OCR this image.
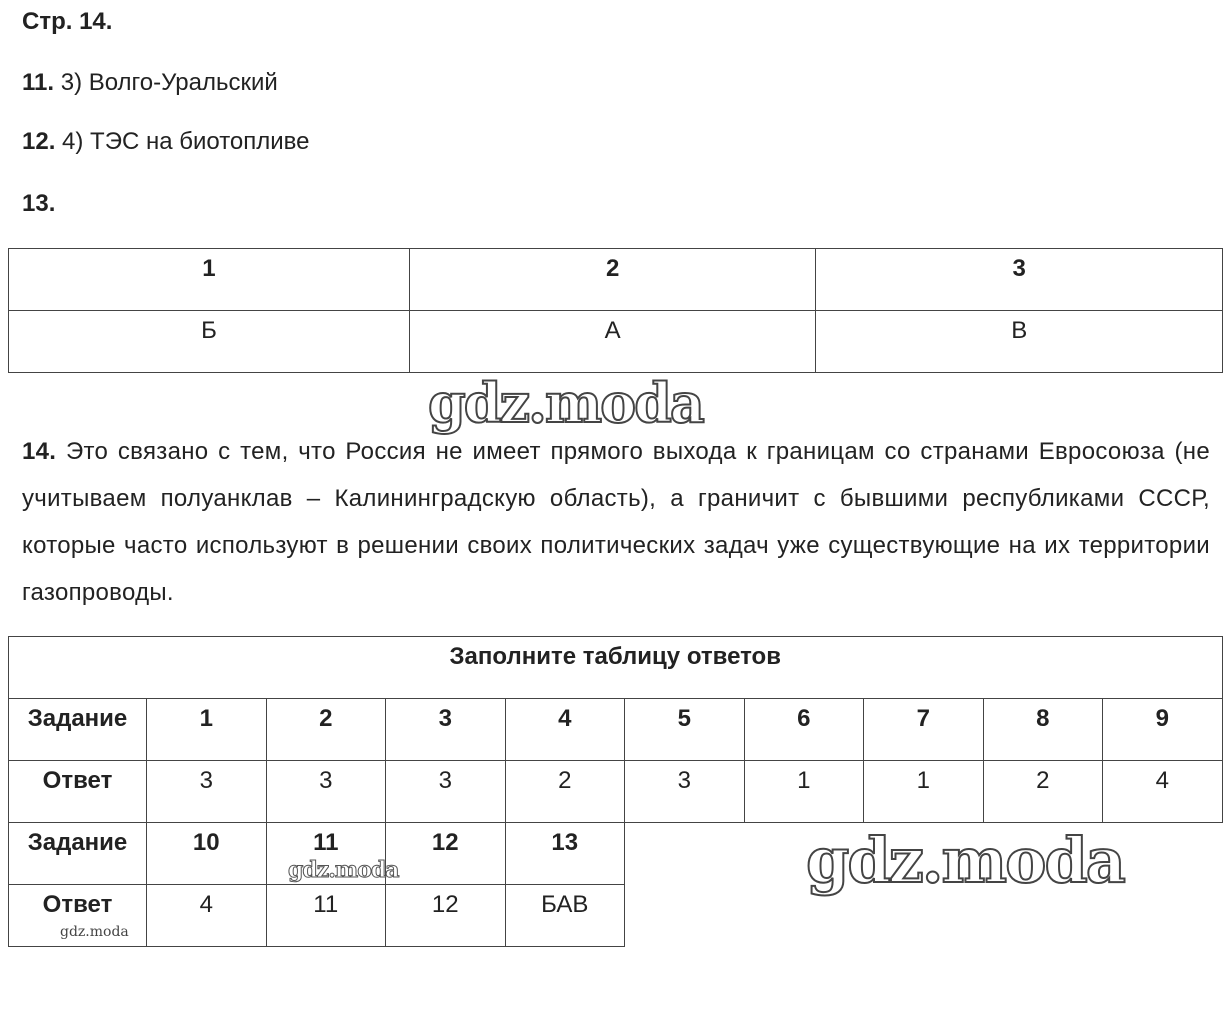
Стр. 14.
11. 3) Волго-Уральский
12. 4) ТЭС на биотопливе
13.
1	2	3
Б	А	В
14. Это связано с тем, что Россия не имеет прямого выхода к границам со странами Евросоюза (не учитываем полуанклав – Калининградскую область), а граничит с бывшими республиками СССР, которые часто используют в решении своих политических задач уже существующие на их территории газопроводы.
Заполните таблицу ответов									
Задание	1	2	3	4	5	6	7	8	9
Ответ	3	3	3	2	3	1	1	2	4
Задание	10	11	12	13					
Ответ	4	11	12	БАВ					
gdz.moda
gdz.moda
gdz.moda
gdz.moda
